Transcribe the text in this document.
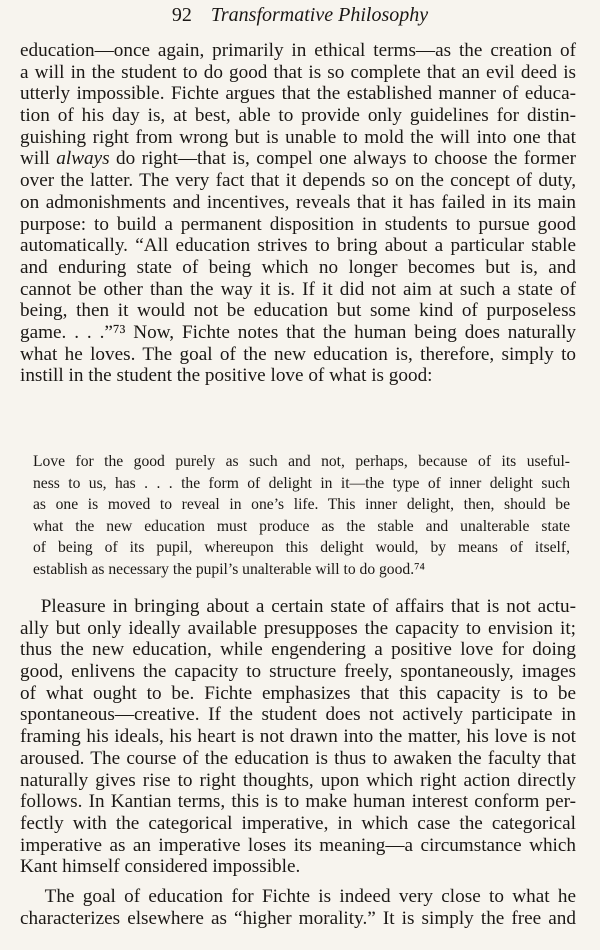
92 Transformative Philosophy
education—once again, primarily in ethical terms—as the creation of
a will in the student to do good that is so complete that an evil deed is
utterly impossible. Fichte argues that the established manner of educa-
tion of his day is, at best, able to provide only guidelines for distin-
guishing right from wrong but is unable to mold the will into one that
will always do right—that is, compel one always to choose the former
over the latter. The very fact that it depends so on the concept of duty,
on admonishments and incentives, reveals that it has failed in its main
purpose: to build a permanent disposition in students to pursue good
automatically. “All education strives to bring about a particular stable
and enduring state of being which no longer becomes but is, and
cannot be other than the way it is. If it did not aim at such a state of
being, then it would not be education but some kind of purposeless
game. . . .”⁷³ Now, Fichte notes that the human being does naturally
what he loves. The goal of the new education is, therefore, simply to
instill in the student the positive love of what is good:
Love for the good purely as such and not, perhaps, because of its useful-
ness to us, has . . . the form of delight in it—the type of inner delight such
as one is moved to reveal in one’s life. This inner delight, then, should be
what the new education must produce as the stable and unalterable state
of being of its pupil, whereupon this delight would, by means of itself,
establish as necessary the pupil’s unalterable will to do good.⁷⁴
Pleasure in bringing about a certain state of affairs that is not actu-
ally but only ideally available presupposes the capacity to envision it;
thus the new education, while engendering a positive love for doing
good, enlivens the capacity to structure freely, spontaneously, images
of what ought to be. Fichte emphasizes that this capacity is to be
spontaneous—creative. If the student does not actively participate in
framing his ideals, his heart is not drawn into the matter, his love is not
aroused. The course of the education is thus to awaken the faculty that
naturally gives rise to right thoughts, upon which right action directly
follows. In Kantian terms, this is to make human interest conform per-
fectly with the categorical imperative, in which case the categorical
imperative as an imperative loses its meaning—a circumstance which
Kant himself considered impossible.
The goal of education for Fichte is indeed very close to what he
characterizes elsewhere as “higher morality.” It is simply the free and
